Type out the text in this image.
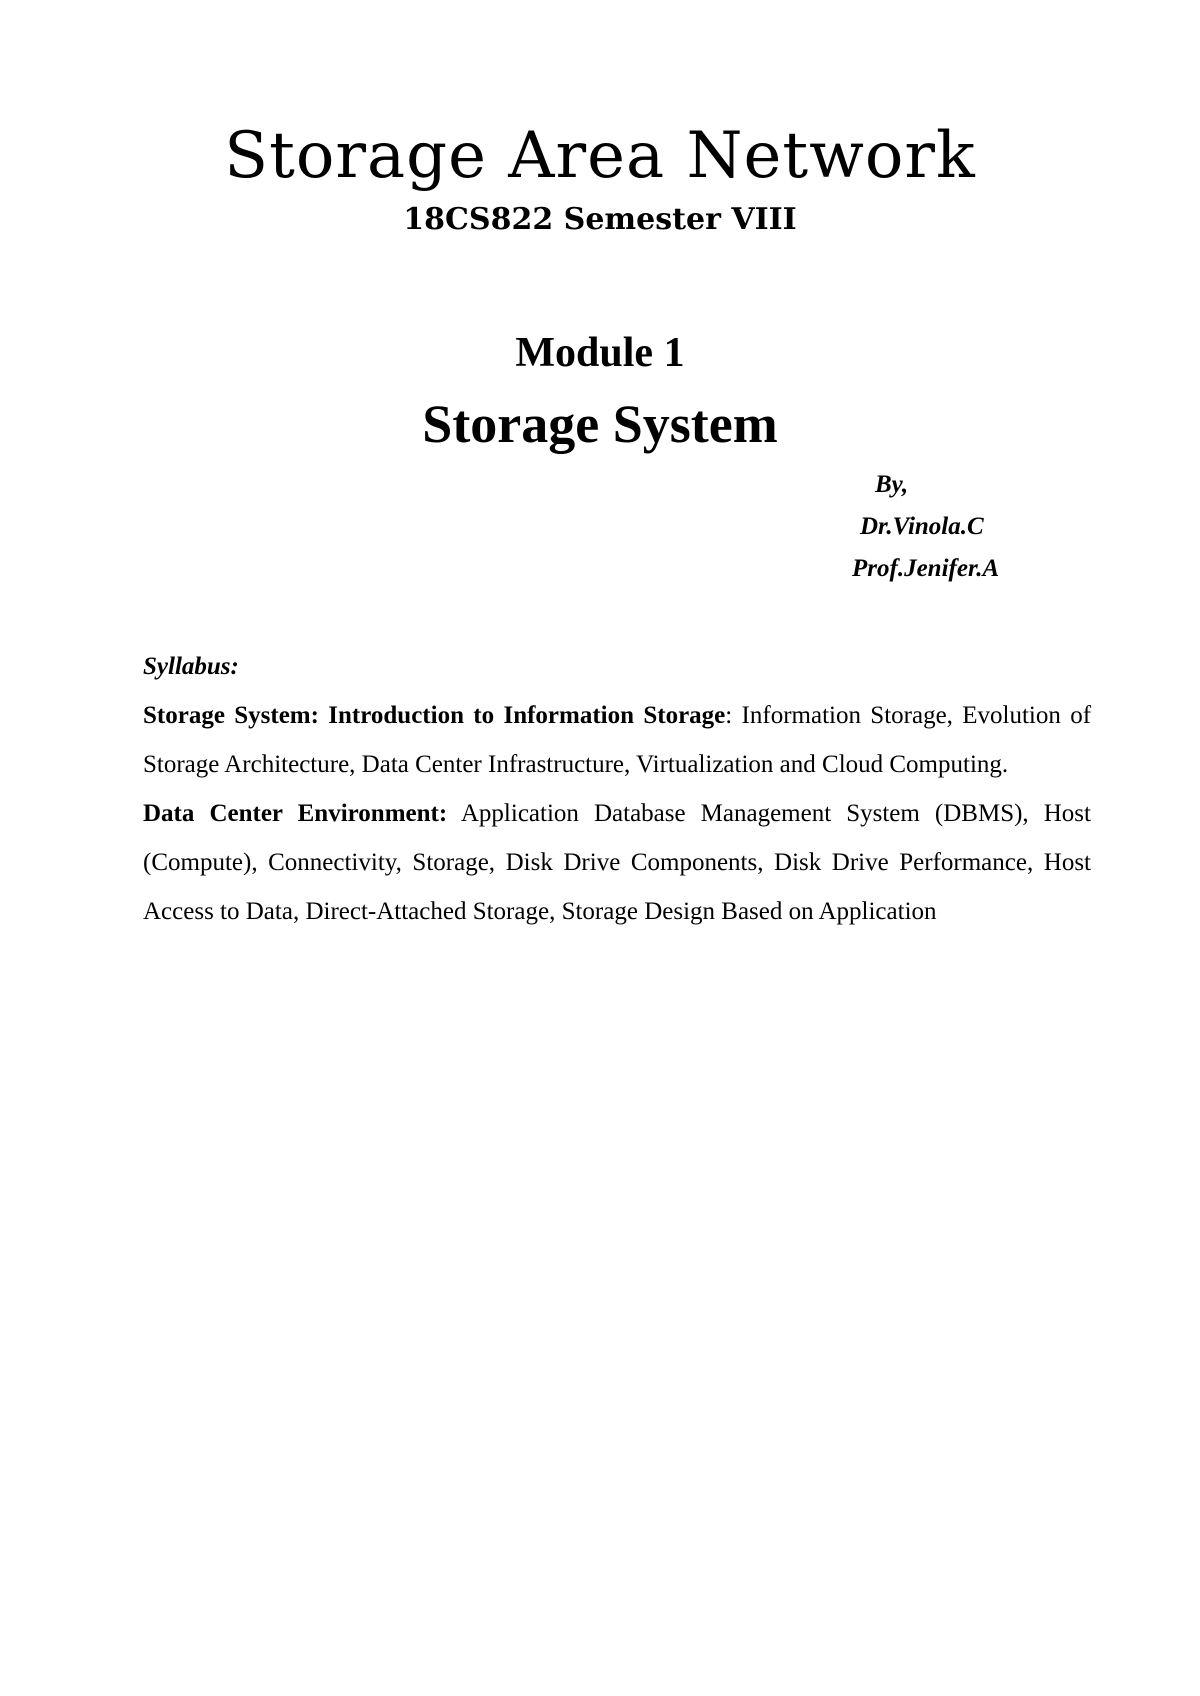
Storage Area Network
18CS822 Semester VIII
Module 1
Storage System
By,
Dr.Vinola.C
Prof.Jenifer.A
Syllabus:

Storage System: Introduction to Information Storage: Information Storage, Evolution of Storage Architecture, Data Center Infrastructure, Virtualization and Cloud Computing.

Data Center Environment: Application Database Management System (DBMS), Host (Compute), Connectivity, Storage, Disk Drive Components, Disk Drive Performance, Host Access to Data, Direct-Attached Storage, Storage Design Based on Application
